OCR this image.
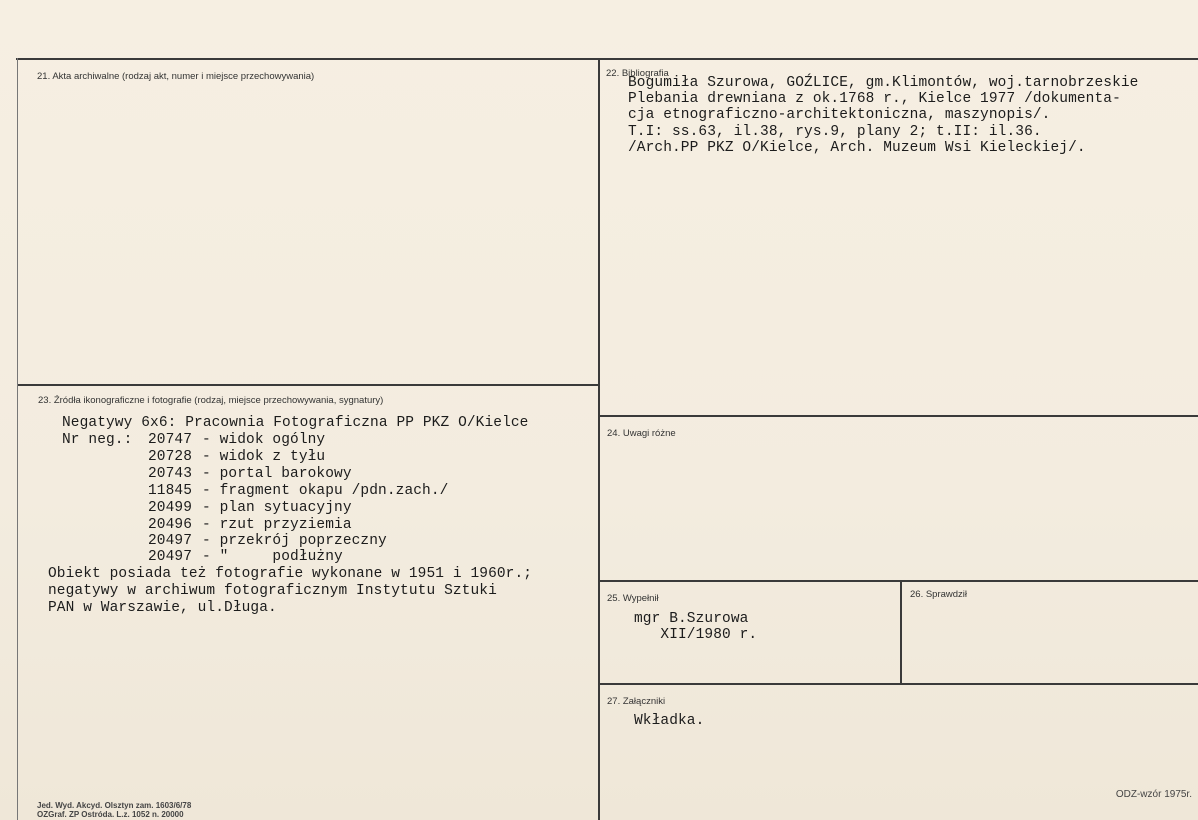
21. Akta archiwalne (rodzaj akt, numer i miejsce przechowywania)	22. Bibliografia
Bogumiła Szurowa, GOŹLICE, gm.Klimontów, woj.tarnobrzeskie
Plebania drewniana z ok.1768 r., Kielce 1977 /dokumenta-
cja etnograficzno-architektoniczna, maszynopis/.
T.I: ss.63, il.38, rys.9, plany 2; t.II: il.36.
/Arch.PP PKZ O/Kielce, Arch. Muzeum Wsi Kieleckiej/.
23. Źródła ikonograficzne i fotografie (rodzaj, miejsce przechowywania, sygnatury)
Negatywy 6x6: Pracownia Fotograficzna PP PKZ O/Kielce
Nr neg.: 20747 - widok ogólny
20728 - widok z tyłu
20743 - portal barokowy
11845 - fragment okapu /pdn.zach./
20499 - plan sytuacyjny
20496 - rzut przyziemia
20497 - przekrój poprzeczny
20497 - "     podłużny
Obiekt posiada też fotografie wykonane w 1951 i 1960r.;
negatywy w archiwum fotograficznym Instytutu Sztuki
PAN w Warszawie, ul.Długa.
24. Uwagi różne
25. Wypełnił
mgr B.Szurowa
XII/1980 r.
26. Sprawdził
27. Załączniki
Wkładka.
Jed. Wyd. Akcyd. Olsztyn zam. 1603/6/78
OZGraf. ZP Ostróda. L.z. 1052 n. 20000
ODZ-wzór 1975r.
